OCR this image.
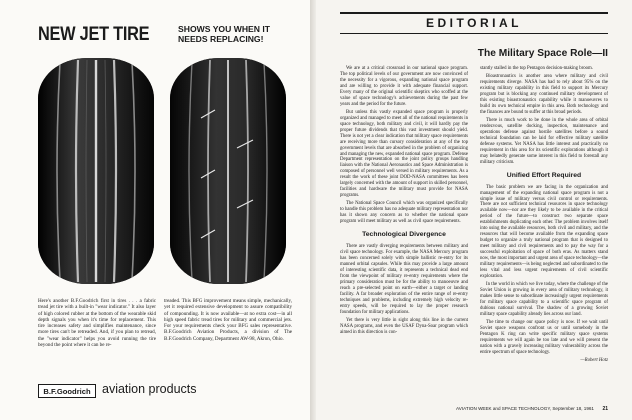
NEW JET TIRE	SHOWS YOU WHEN IT
NEEDS REPLACING!
Here's another B.F.Goodrich first in tires . . . a fabric tread jet tire with a built-in "wear indicator." It also layer of high colored rubber at the bottom of the wearable skid depth signals you when it's time for replacement. This tire increases safety and simplifies maintenance, since more tires can't be retreaded. And, if you plan to retread, the "wear indicator" helps you avoid running the tire beyond the point where it can be re-
treaded. This BFG improvement means simple, mechanically, yet it required extensive development to assure compatibility of compounding. It is now available—at no extra cost—in all high speed fabric tread tires for military and commercial jets. For your requirements check your BFG sales representative. B.F.Goodrich Aviation Products, a division of The B.F.Goodrich Company, Department AW-98, Akron, Ohio.
B.F.Goodrich aviation products
EDITORIAL
The Military Space Role—II

We are at a critical crossroad in our national space program. The top political levels of our government are now convinced of the necessity for a vigorous, expanding national space program and are willing to provide it with adequate financial support. Every many of the original scientific skeptics who scoffed at the value of space technology's achievements during the past few years and the period for the future.

But unless this vastly expanded space program is properly organized and managed to meet all of the national requirements in space technology, both military and civil, it will hardly pay the proper future dividends that this vast investment should yield. There is not yet a clear indication that military space requirements are receiving more than cursory consideration at any of the top government levels that are absorbed in the problem of organizing and managing the new, expanded national space program. Defense Department representation on the joint policy groups handling liaison with the National Aeronautics and Space Administration is composed of personnel well versed in military requirements. As a result the work of these joint DOD-NASA committees has been largely concerned with the amount of support in skilled personnel, facilities and hardware the military must provide for NASA programs.

The National Space Council which was organized specifically to handle this problem has no adequate military representation nor has it shown any concern as to whether the national space program will meet military as well as civil space requirements.

Technological Divergence

There are vastly diverging requirements between military and civil space technology. For example, the NASA Mercury program has been concerned solely with simple ballistic re-entry for its manned orbital capsules. While this may provide a large amount of interesting scientific data, it represents a technical dead end from the viewpoint of military re-entry requirements where the primary consideration must be for the ability to manoeuvre and reach a pre-selected point on earth—either a target or landing facility. A far broader exploration of the entire range of re-entry techniques and problems, including extremely high velocity re-entry speeds, will be required to lay the proper research foundation for military applications.

Yet there is very little in sight along this line in the current NASA programs, and even the USAF Dyna-Soar program which aimed in this direction is con-

stantly stalled in the top Pentagon decision-making broom.

Bioastronautics is another area where military and civil requirements diverge. NASA has had to rely about 95% on the existing military capability in this field to support its Mercury program but is blocking any continued military development of this existing bioastronautics capability while it manoeuvres to build its own technical empire in this area. Both technology and the finances are bound to suffer at this broad periods.

There is much work to be done in the whole area of orbital rendezvous, satellite docking, inspection, maintenance and operations defense against hostile satellites before a sound technical foundation can be laid for effective military satellite defense systems. Yet NASA has little interest and practically no requirement in this area for its scientific explorations although it may belatedly generate some interest in this field to forestall any military criticism.

Unified Effort Required

The basic problem we are facing in the organization and management of the expanding national space program is not a simple issue of military versus civil control or requirements. There are not sufficient technical resources in space technology available now—nor are they likely to be available in the critical period of the future—to construct two separate space establishments duplicating each other. The problem involves itself into using the available resources, both civil and military, and the resources that will become available from the expanding space budget to organize a truly national program that is designed to meet military and civil requirements and to pay the way for a successful exploitation of space of both eras. As matters stand now, the most important and urgent area of space technology—the military requirements—is being neglected and subordinated to the less vital and less urgent requirements of civil scientific exploration.

In the world in which we live today, where the challenge of the Soviet Union is growing in every area of military technology, it makes little sense to subordinate increasingly urgent requirements for military space capability to a scientific space program of dubious national survival. The shadow of a growing Soviet military space capability already lies across our land.

The time to change our space policy is now. If we wait until Soviet space weapons confront us or until somebody in the Pentagon K ring can write specific military space systems requirements we will again be too late and we will present the nation with a gravely increasing military vulnerability across the entire spectrum of space technology.

—Robert Hotz

AVIATION WEEK and SPACE TECHNOLOGY, September 18, 1961 21
